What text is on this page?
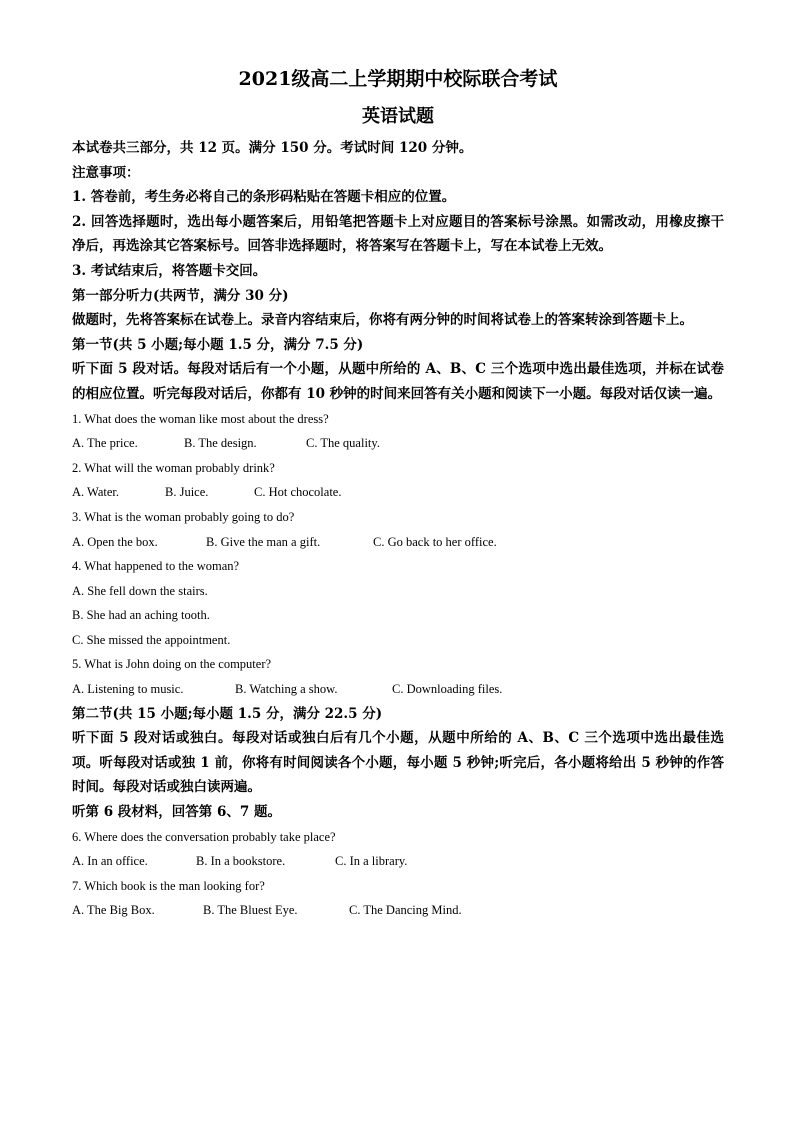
2021级高二上学期期中校际联合考试
英语试题

本试卷共三部分，共 12 页。满分 150 分。考试时间 120 分钟。

注意事项：

1. 答卷前，考生务必将自己的条形码粘贴在答题卡相应的位置。

2. 回答选择题时，选出每小题答案后，用铅笔把答题卡上对应题目的答案标号涂黑。如需改动，用橡皮擦干净后，再选涂其它答案标号。回答非选择题时，将答案写在答题卡上，写在本试卷上无效。

3. 考试结束后，将答题卡交回。

第一部分听力(共两节，满分 30 分)

做题时，先将答案标在试卷上。录音内容结束后，你将有两分钟的时间将试卷上的答案转涂到答题卡上。

第一节(共 5 小题;每小题 1.5 分，满分 7.5 分)

听下面 5 段对话。每段对话后有一个小题，从题中所给的 A、B、C 三个选项中选出最佳选项，并标在试卷的相应位置。听完每段对话后，你都有 10 秒钟的时间来回答有关小题和阅读下一小题。每段对话仅读一遍。

1. What does the woman like most about the dress?

A. The price.	B. The design.	C. The quality.

2. What will the woman probably drink?

A. Water.	B. Juice.	C. Hot chocolate.

3. What is the woman probably going to do?

A. Open the box.	B. Give the man a gift.	C. Go back to her office.

4. What happened to the woman?

A. She fell down the stairs.

B. She had an aching tooth.

C. She missed the appointment.

5. What is John doing on the computer?

A. Listening to music.	B. Watching a show.	C. Downloading files.

第二节(共 15 小题;每小题 1.5 分，满分 22.5 分)

听下面 5 段对话或独白。每段对话或独白后有几个小题，从题中所给的 A、B、C 三个选项中选出最佳选项。听每段对话或独 1 前，你将有时间阅读各个小题，每小题 5 秒钟;听完后，各小题将给出 5 秒钟的作答时间。每段对话或独白读两遍。

听第 6 段材料，回答第 6、7 题。

6. Where does the conversation probably take place?

A. In an office.	B. In a bookstore.	C. In a library.

7. Which book is the man looking for?

A. The Big Box.	B. The Bluest Eye.	C. The Dancing Mind.
